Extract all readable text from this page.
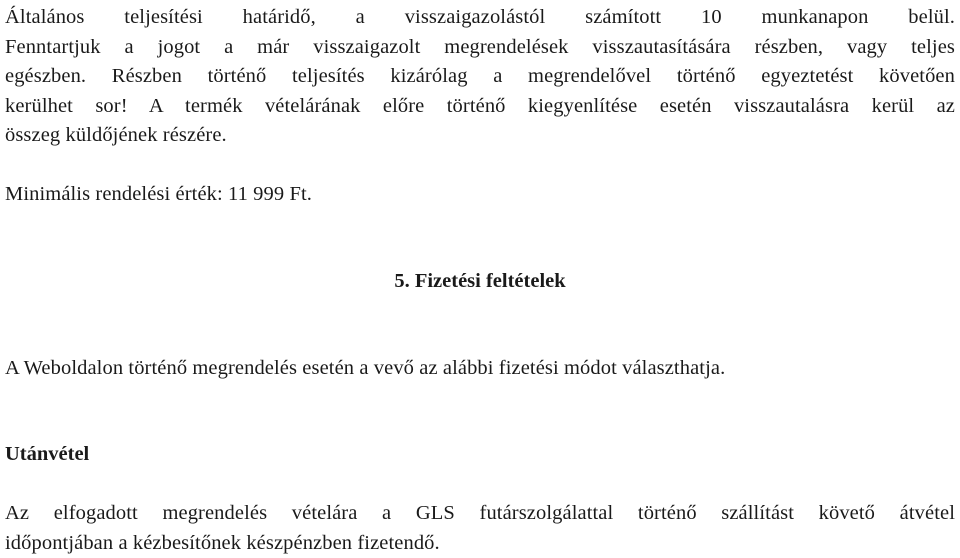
Általános teljesítési határidő, a visszaigazolástól számított 10 munkanapon belül.
Fenntartjuk a jogot a már visszaigazolt megrendelések visszautasítására részben, vagy teljes
egészben. Részben történő teljesítés kizárólag a megrendelővel történő egyeztetést követően
kerülhet sor! A termék vételárának előre történő kiegyenlítése esetén visszautalásra kerül az
összeg küldőjének részére.
Minimális rendelési érték: 11 999 Ft.
5. Fizetési feltételek
A Weboldalon történő megrendelés esetén a vevő az alábbi fizetési módot választhatja.
Utánvétel
Az elfogadott megrendelés vételára a GLS futárszolgálattal történő szállítást követő átvétel
időpontjában a kézbesítőnek készpénzben fizetendő.
